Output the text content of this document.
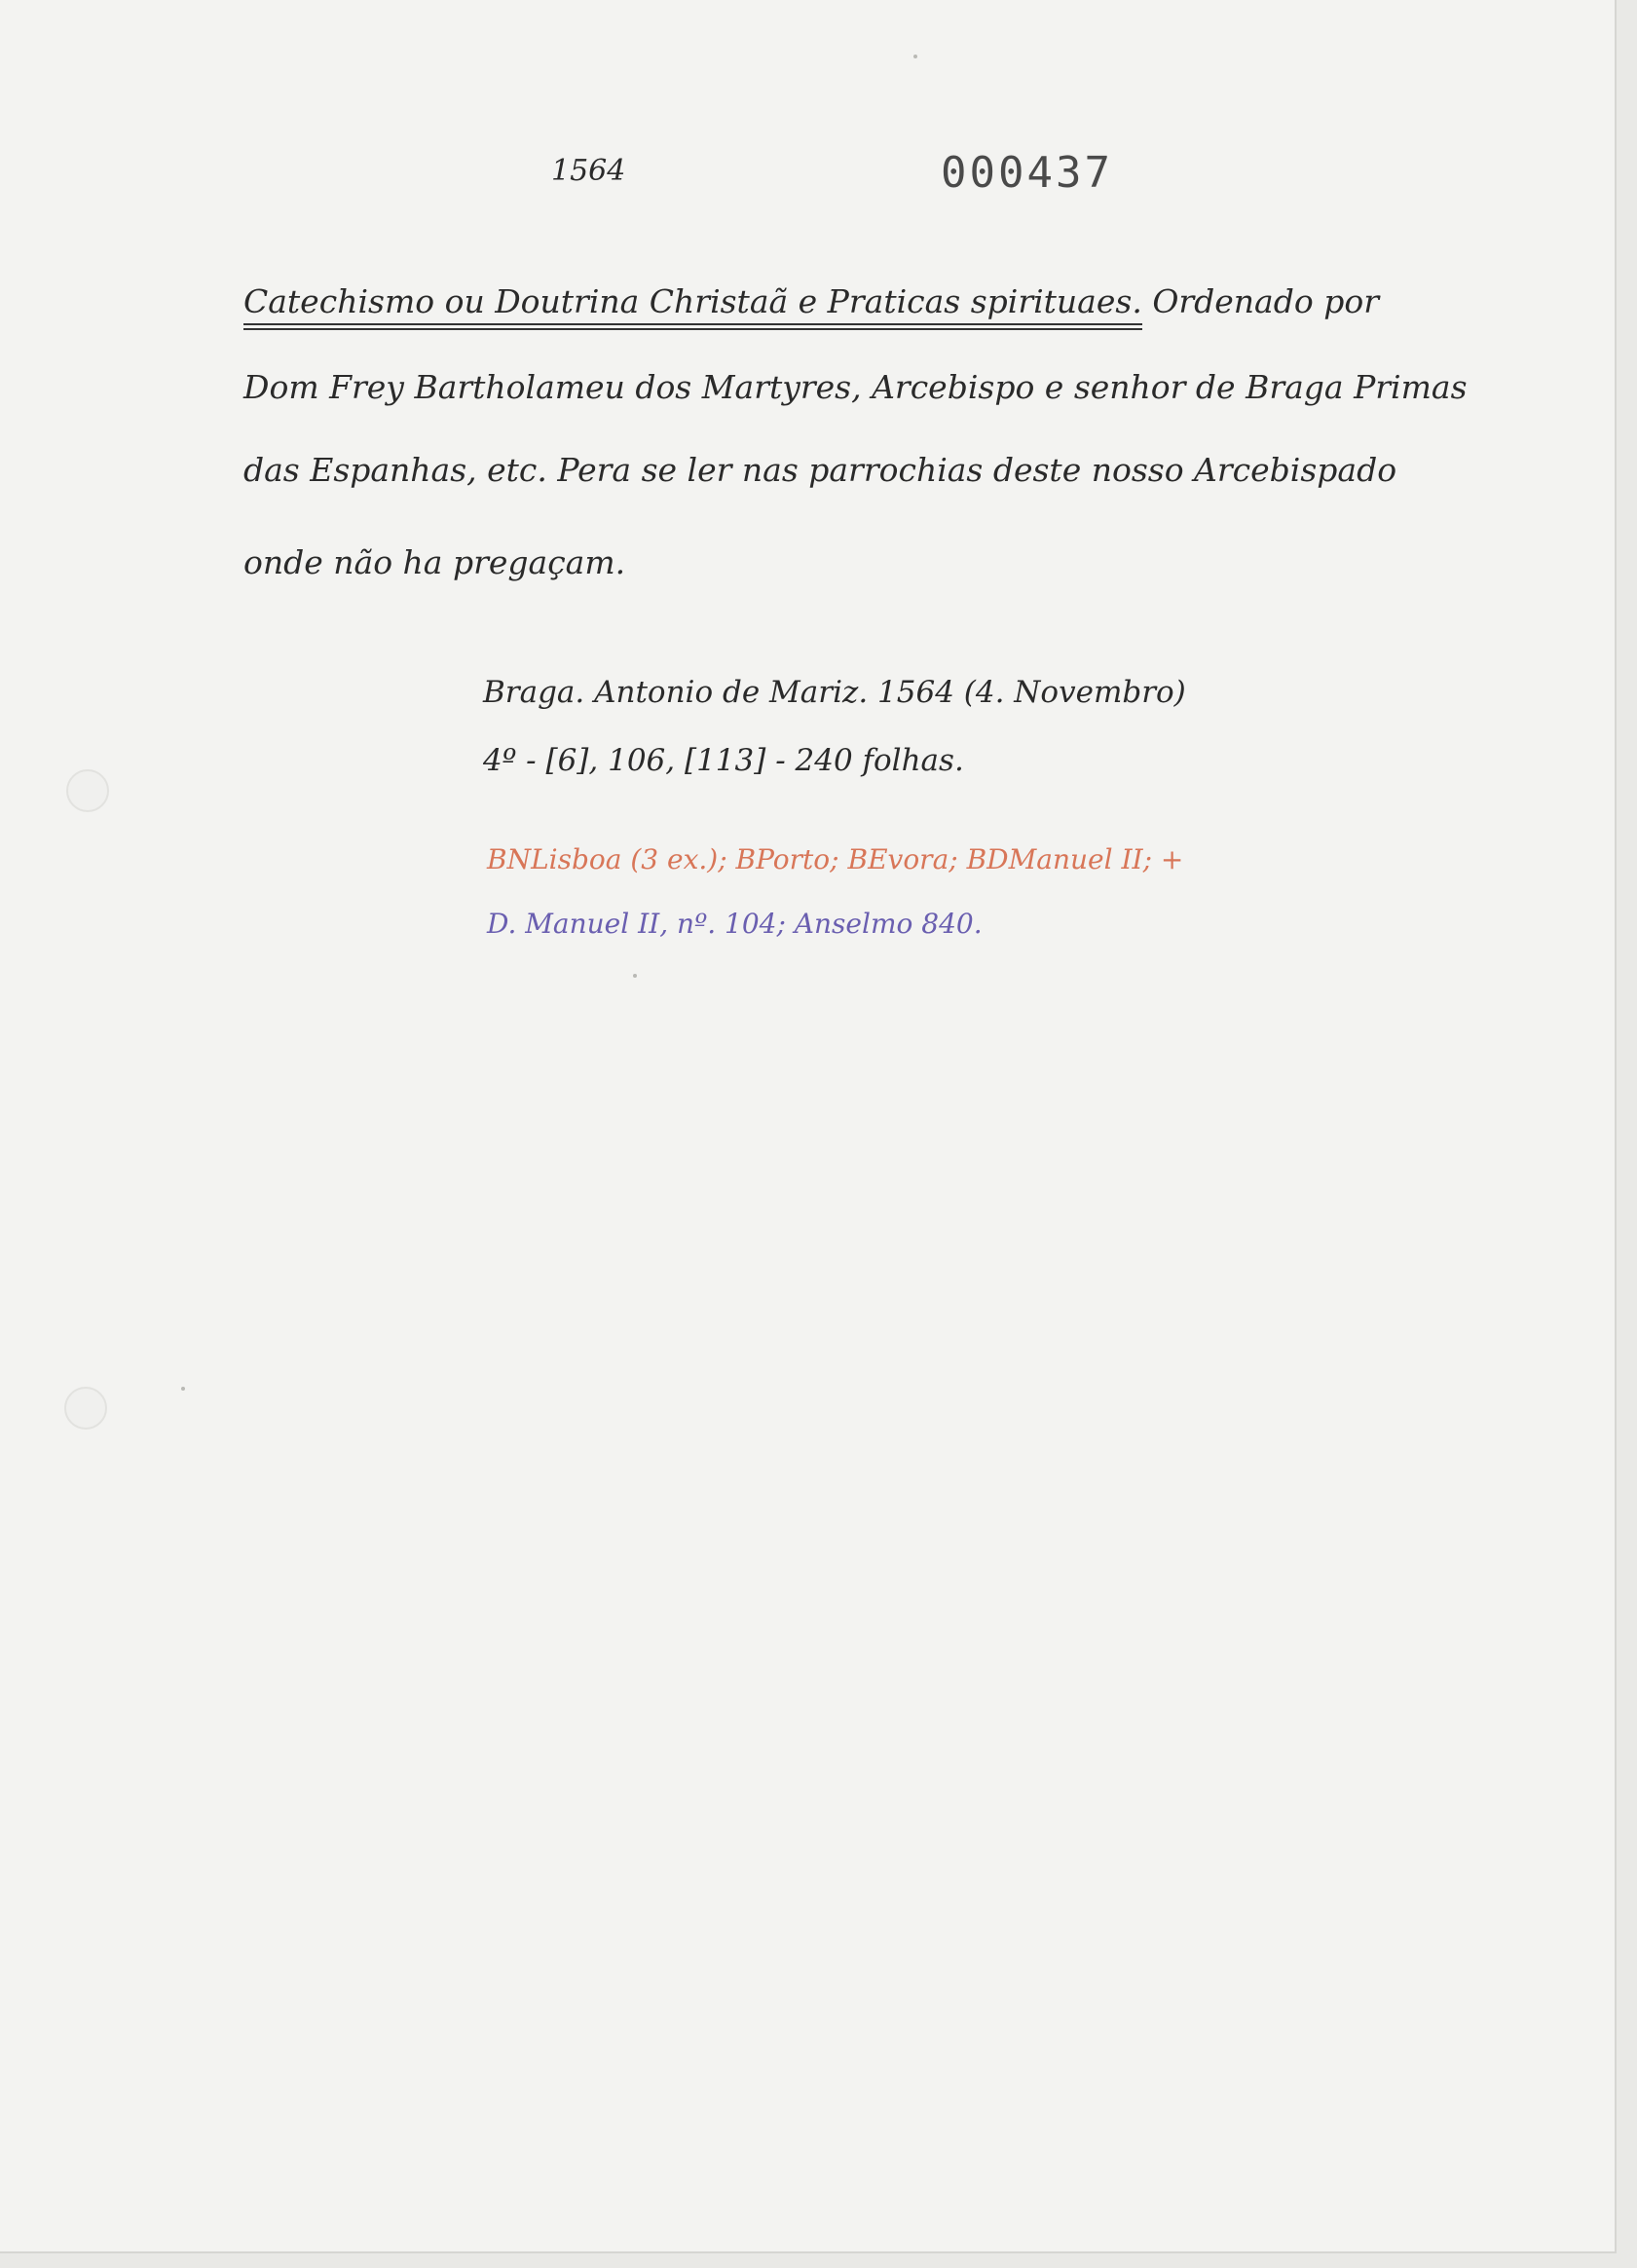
1564	000437
Catechismo ou Doutrina Christaã e Praticas spirituaes. Ordenado por
Dom Frey Bartholameu dos Martyres, Arcebispo e senhor de Braga Primas
das Espanhas, etc. Pera se ler nas parrochias deste nosso Arcebispado
onde não ha pregaçam.
Braga. Antonio de Mariz. 1564 (4. Novembro)
4º - [6], 106, [113] - 240 folhas.
BNLisboa (3 ex.); BPorto; BEvora; BDManuel II; +
D. Manuel II, nº. 104; Anselmo 840.
